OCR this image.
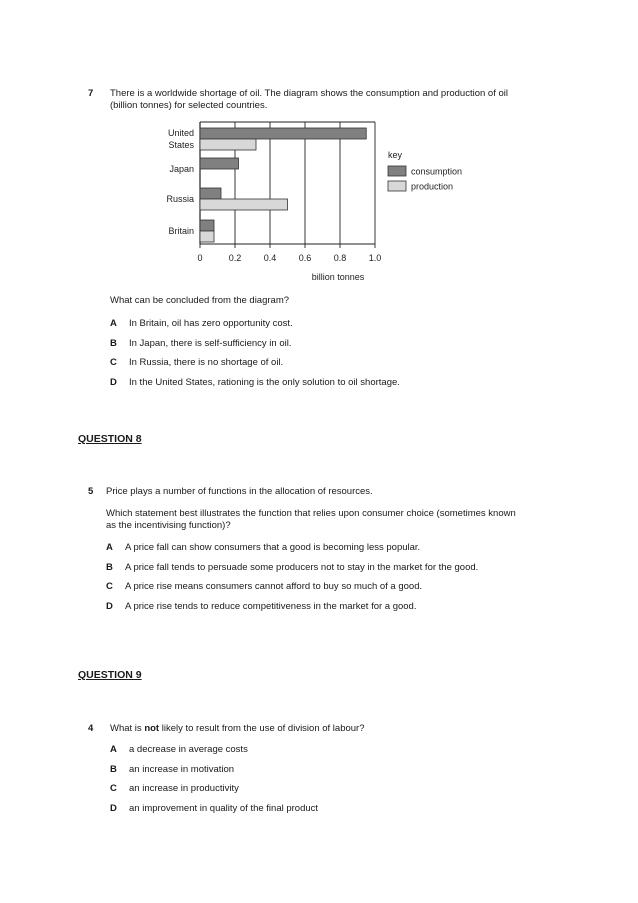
7 There is a worldwide shortage of oil. The diagram shows the consumption and production of oil
(billion tonnes) for selected countries.
United
States
Japan
Russia
Britain
0	0.2 0.4 0.6 0.8 1.0
billion tonnes
key
consumption
production
What can be concluded from the diagram?
A In Britain, oil has zero opportunity cost.
B In Japan, there is self-sufficiency in oil.
C In Russia, there is no shortage of oil.
D In the United States, rationing is the only solution to oil shortage.
QUESTION 8
5 Price plays a number of functions in the allocation of resources.
Which statement best illustrates the function that relies upon consumer choice (sometimes known
as the incentivising function)?
A A price fall can show consumers that a good is becoming less popular.
B A price fall tends to persuade some producers not to stay in the market for the good.
C A price rise means consumers cannot afford to buy so much of a good.
D A price rise tends to reduce competitiveness in the market for a good.
QUESTION 9
4 What is not likely to result from the use of division of labour?
A a decrease in average costs
B an increase in motivation
C an increase in productivity
D an improvement in quality of the final product
